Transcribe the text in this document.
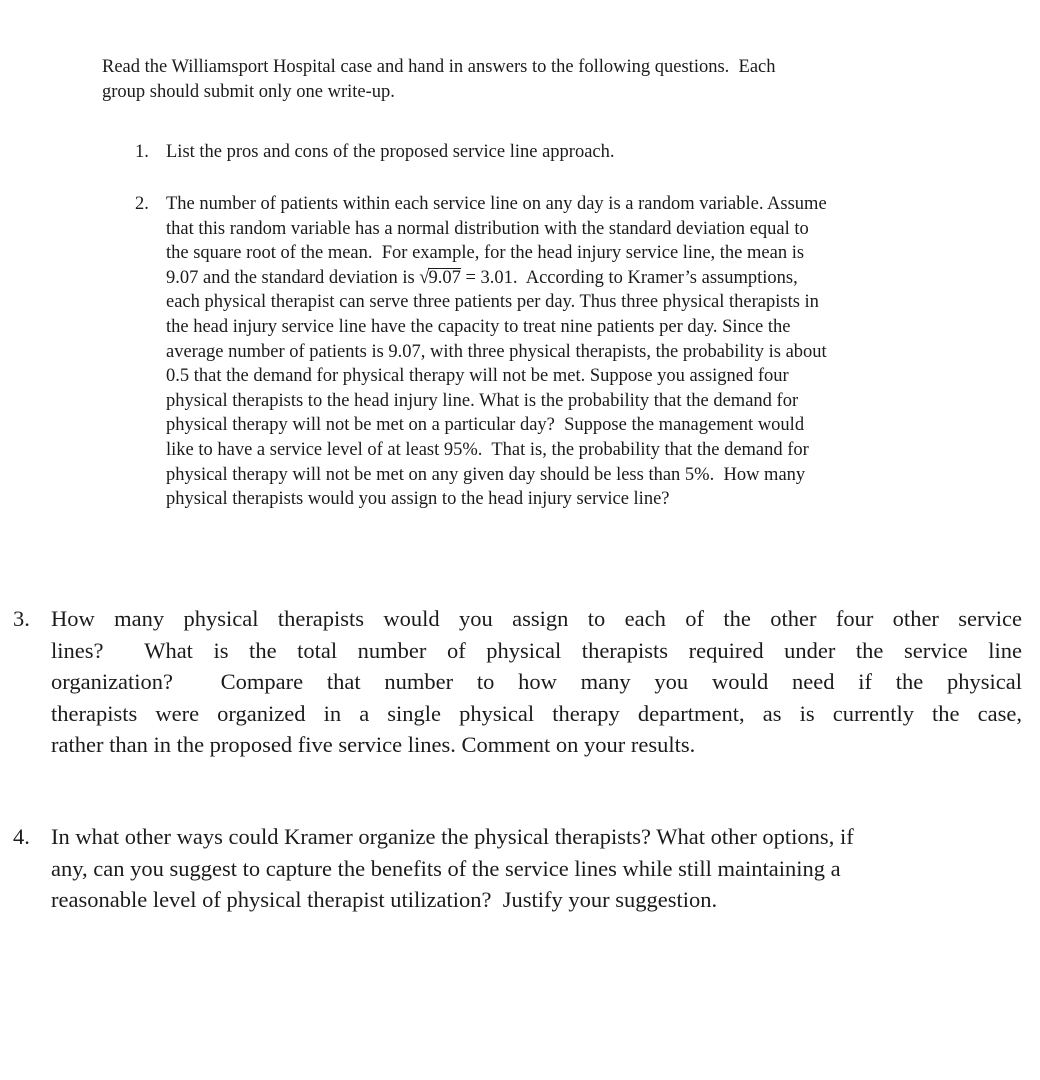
Read the Williamsport Hospital case and hand in answers to the following questions.  Each
group should submit only one write-up.
1. List the pros and cons of the proposed service line approach.
2. The number of patients within each service line on any day is a random variable. Assume
that this random variable has a normal distribution with the standard deviation equal to
the square root of the mean.  For example, for the head injury service line, the mean is
9.07 and the standard deviation is √9.07 = 3.01.  According to Kramer’s assumptions,
each physical therapist can serve three patients per day. Thus three physical therapists in
the head injury service line have the capacity to treat nine patients per day. Since the
average number of patients is 9.07, with three physical therapists, the probability is about
0.5 that the demand for physical therapy will not be met. Suppose you assigned four
physical therapists to the head injury line. What is the probability that the demand for
physical therapy will not be met on a particular day?  Suppose the management would
like to have a service level of at least 95%.  That is, the probability that the demand for
physical therapy will not be met on any given day should be less than 5%.  How many
physical therapists would you assign to the head injury service line?
3. How many physical therapists would you assign to each of the other four other service
lines?  What is the total number of physical therapists required under the service line
organization?  Compare that number to how many you would need if the physical
therapists were organized in a single physical therapy department, as is currently the case,
rather than in the proposed five service lines. Comment on your results.
4. In what other ways could Kramer organize the physical therapists? What other options, if
any, can you suggest to capture the benefits of the service lines while still maintaining a
reasonable level of physical therapist utilization?  Justify your suggestion.
